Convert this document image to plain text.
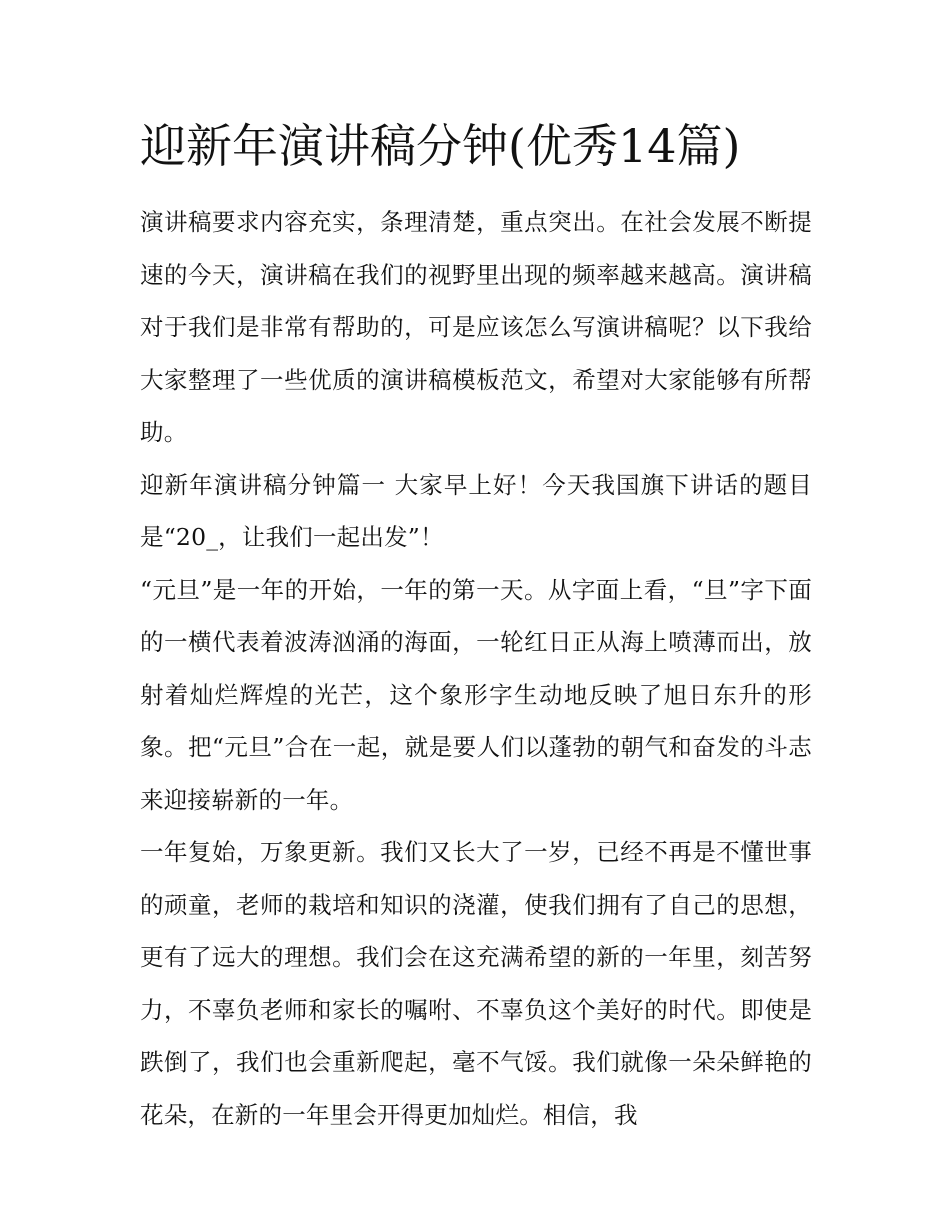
迎新年演讲稿分钟(优秀14篇)

演讲稿要求内容充实，条理清楚，重点突出。在社会发展不断提速的今天，演讲稿在我们的视野里出现的频率越来越高。演讲稿对于我们是非常有帮助的，可是应该怎么写演讲稿呢？以下我给大家整理了一些优质的演讲稿模板范文，希望对大家能够有所帮助。

迎新年演讲稿分钟篇一 大家早上好！今天我国旗下讲话的题目是“20_，让我们一起出发”！

“元旦”是一年的开始，一年的第一天。从字面上看，“旦”字下面的一横代表着波涛汹涌的海面，一轮红日正从海上喷薄而出，放射着灿烂辉煌的光芒，这个象形字生动地反映了旭日东升的形象。把“元旦”合在一起，就是要人们以蓬勃的朝气和奋发的斗志来迎接崭新的一年。

一年复始，万象更新。我们又长大了一岁，已经不再是不懂世事的顽童，老师的栽培和知识的浇灌，使我们拥有了自己的思想，更有了远大的理想。我们会在这充满希望的新的一年里，刻苦努力，不辜负老师和家长的嘱咐、不辜负这个美好的时代。即使是跌倒了，我们也会重新爬起，毫不气馁。我们就像一朵朵鲜艳的花朵，在新的一年里会开得更加灿烂。相信，我
